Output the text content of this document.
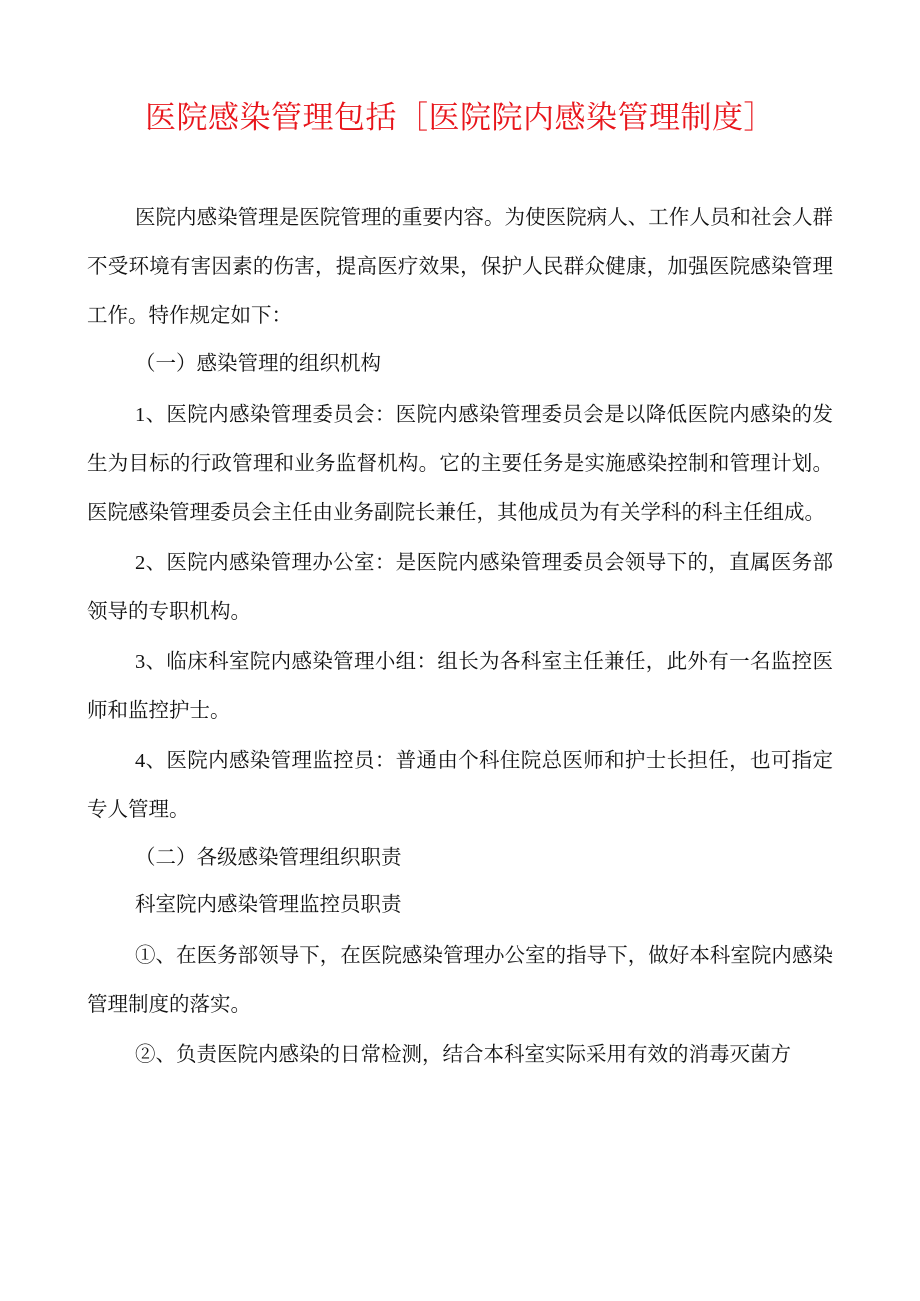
医院感染管理包括［医院院内感染管理制度］

医院内感染管理是医院管理的重要内容。为使医院病人、工作人员和社会人群不受环境有害因素的伤害，提高医疗效果，保护人民群众健康，加强医院感染管理工作。特作规定如下：

（一）感染管理的组织机构

1、医院内感染管理委员会：医院内感染管理委员会是以降低医院内感染的发生为目标的行政管理和业务监督机构。它的主要任务是实施感染控制和管理计划。医院感染管理委员会主任由业务副院长兼任，其他成员为有关学科的科主任组成。

2、医院内感染管理办公室：是医院内感染管理委员会领导下的，直属医务部领导的专职机构。

3、临床科室院内感染管理小组：组长为各科室主任兼任，此外有一名监控医师和监控护士。

4、医院内感染管理监控员：普通由个科住院总医师和护士长担任，也可指定专人管理。

（二）各级感染管理组织职责

科室院内感染管理监控员职责

①、在医务部领导下，在医院感染管理办公室的指导下，做好本科室院内感染管理制度的落实。

②、负责医院内感染的日常检测，结合本科室实际采用有效的消毒灭菌方
